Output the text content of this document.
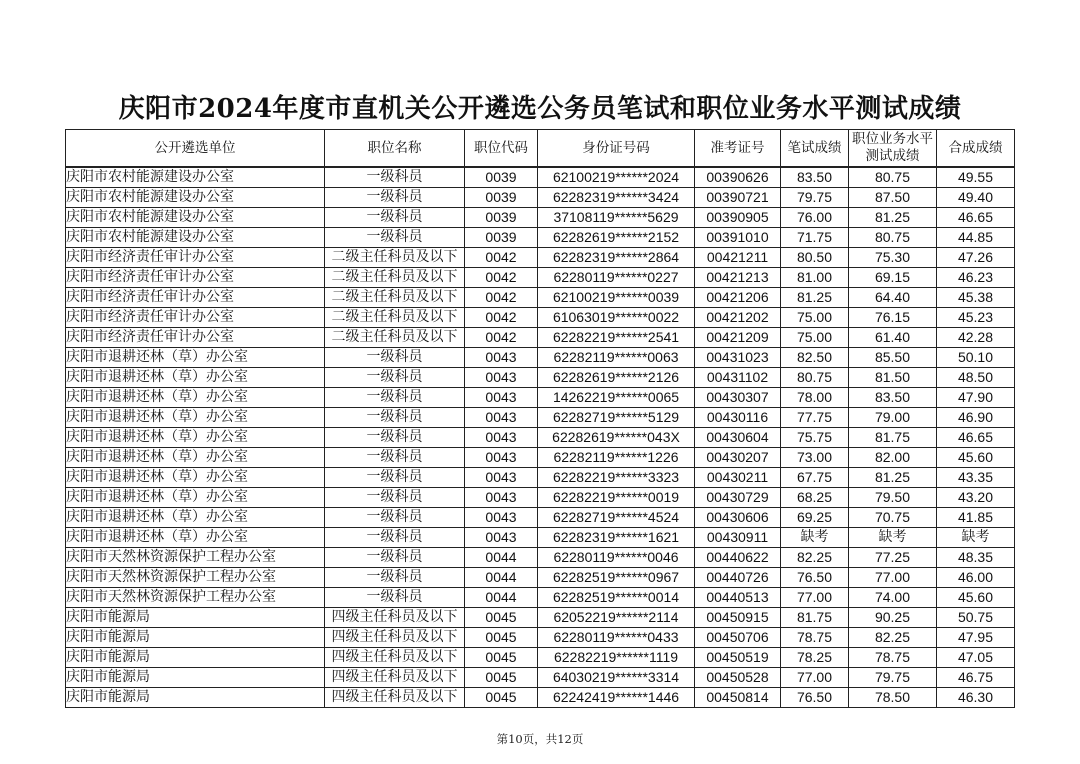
庆阳市2024年度市直机关公开遴选公务员笔试和职位业务水平测试成绩
公开遴选单位	职位名称	职位代码	身份证号码	准考证号	笔试成绩	职位业务水平测试成绩	合成成绩
庆阳市农村能源建设办公室	一级科员	0039	62100219******2024	00390626	83.50	80.75	49.55
庆阳市农村能源建设办公室	一级科员	0039	62282319******3424	00390721	79.75	87.50	49.40
庆阳市农村能源建设办公室	一级科员	0039	37108119******5629	00390905	76.00	81.25	46.65
庆阳市农村能源建设办公室	一级科员	0039	62282619******2152	00391010	71.75	80.75	44.85
庆阳市经济责任审计办公室	二级主任科员及以下	0042	62282319******2864	00421211	80.50	75.30	47.26
庆阳市经济责任审计办公室	二级主任科员及以下	0042	62280119******0227	00421213	81.00	69.15	46.23
庆阳市经济责任审计办公室	二级主任科员及以下	0042	62100219******0039	00421206	81.25	64.40	45.38
庆阳市经济责任审计办公室	二级主任科员及以下	0042	61063019******0022	00421202	75.00	76.15	45.23
庆阳市经济责任审计办公室	二级主任科员及以下	0042	62282219******2541	00421209	75.00	61.40	42.28
庆阳市退耕还林（草）办公室	一级科员	0043	62282119******0063	00431023	82.50	85.50	50.10
庆阳市退耕还林（草）办公室	一级科员	0043	62282619******2126	00431102	80.75	81.50	48.50
庆阳市退耕还林（草）办公室	一级科员	0043	14262219******0065	00430307	78.00	83.50	47.90
庆阳市退耕还林（草）办公室	一级科员	0043	62282719******5129	00430116	77.75	79.00	46.90
庆阳市退耕还林（草）办公室	一级科员	0043	62282619******043X	00430604	75.75	81.75	46.65
庆阳市退耕还林（草）办公室	一级科员	0043	62282119******1226	00430207	73.00	82.00	45.60
庆阳市退耕还林（草）办公室	一级科员	0043	62282219******3323	00430211	67.75	81.25	43.35
庆阳市退耕还林（草）办公室	一级科员	0043	62282219******0019	00430729	68.25	79.50	43.20
庆阳市退耕还林（草）办公室	一级科员	0043	62282719******4524	00430606	69.25	70.75	41.85
庆阳市退耕还林（草）办公室	一级科员	0043	62282319******1621	00430911	缺考	缺考	缺考
庆阳市天然林资源保护工程办公室	一级科员	0044	62280119******0046	00440622	82.25	77.25	48.35
庆阳市天然林资源保护工程办公室	一级科员	0044	62282519******0967	00440726	76.50	77.00	46.00
庆阳市天然林资源保护工程办公室	一级科员	0044	62282519******0014	00440513	77.00	74.00	45.60
庆阳市能源局	四级主任科员及以下	0045	62052219******2114	00450915	81.75	90.25	50.75
庆阳市能源局	四级主任科员及以下	0045	62280119******0433	00450706	78.75	82.25	47.95
庆阳市能源局	四级主任科员及以下	0045	62282219******1119	00450519	78.25	78.75	47.05
庆阳市能源局	四级主任科员及以下	0045	64030219******3314	00450528	77.00	79.75	46.75
庆阳市能源局	四级主任科员及以下	0045	62242419******1446	00450814	76.50	78.50	46.30
第10页，共12页
